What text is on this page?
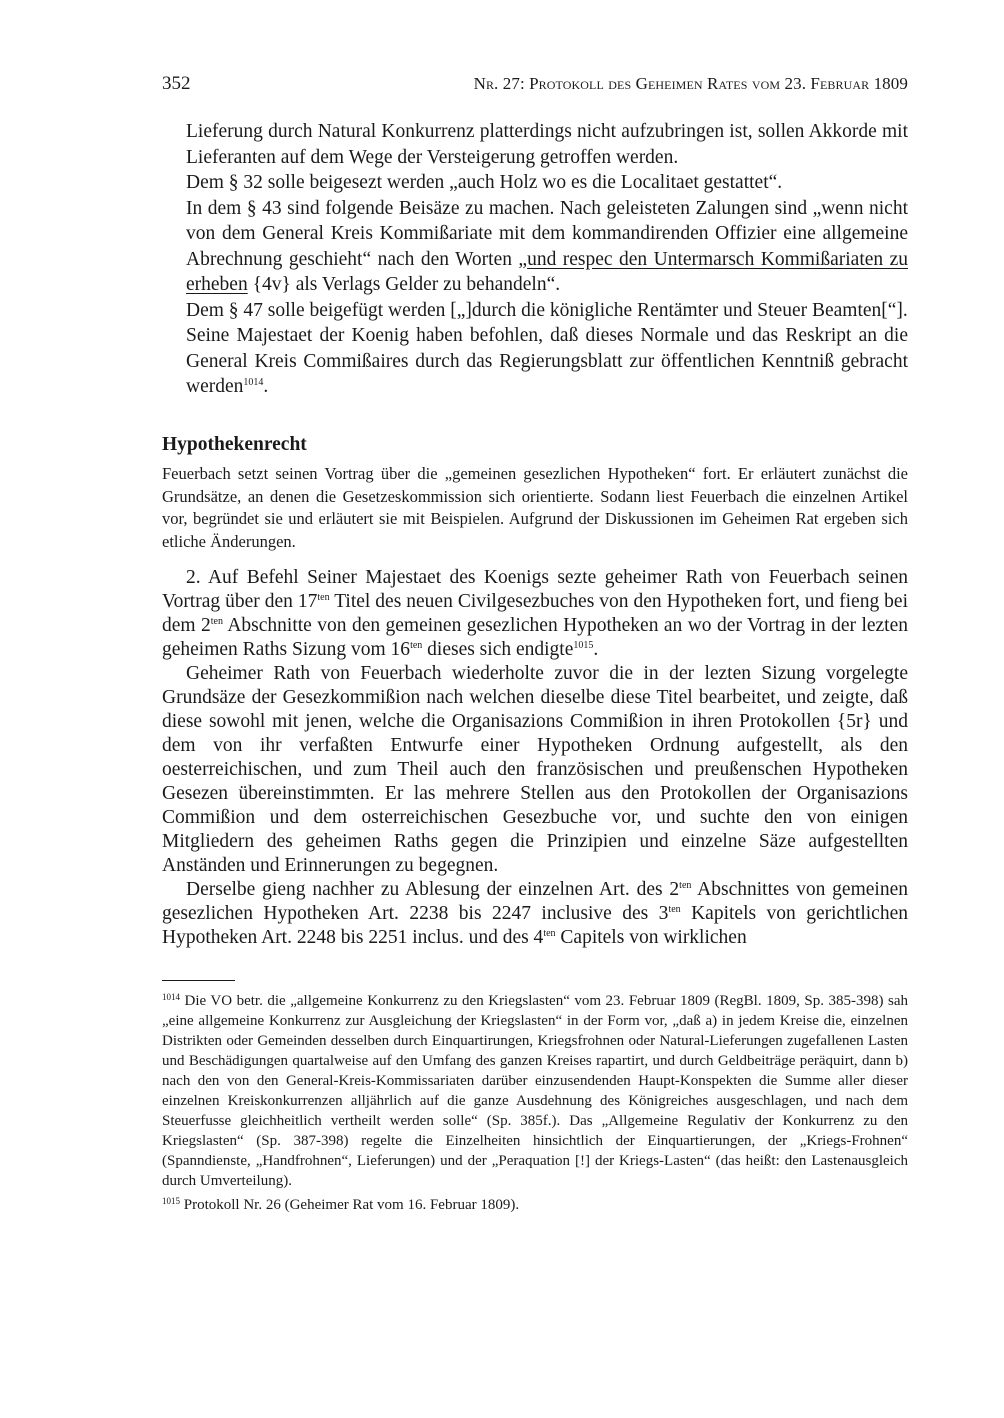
352	Nr. 27: Protokoll des Geheimen Rates vom 23. Februar 1809

Lieferung durch Natural Konkurrenz platterdings nicht aufzubringen ist, sollen Akkorde mit Lieferanten auf dem Wege der Versteigerung getroffen werden.

Dem § 32 solle beigesezt werden „auch Holz wo es die Localitaet gestattet“.

In dem § 43 sind folgende Beisäze zu machen. Nach geleisteten Zalungen sind „wenn nicht von dem General Kreis Kommißariate mit dem kommandirenden Offizier eine allgemeine Abrechnung geschieht“ nach den Worten „und respec den Untermarsch Kommißariaten zu erheben {4v} als Verlags Gelder zu behandeln“.

Dem § 47 solle beigefügt werden [„]durch die königliche Rentämter und Steuer Beamten[“].

Seine Majestaet der Koenig haben befohlen, daß dieses Normale und das Reskript an die General Kreis Commißaires durch das Regierungsblatt zur öffentlichen Kenntniß gebracht werden$^{1014}$.

Hypothekenrecht

Feuerbach setzt seinen Vortrag über die „gemeinen gesezlichen Hypotheken“ fort. Er erläutert zunächst die Grundsätze, an denen die Gesetzeskommission sich orientierte. Sodann liest Feuerbach die einzelnen Artikel vor, begründet sie und erläutert sie mit Beispielen. Aufgrund der Diskussionen im Geheimen Rat ergeben sich etliche Änderungen.

2. Auf Befehl Seiner Majestaet des Koenigs sezte geheimer Rath von Feuerbach seinen Vortrag über den $17^{ten}$ Titel des neuen Civilgesezbuches von den Hypotheken fort, und fieng bei dem $2^{ten}$ Abschnitte von den gemeinen gesezlichen Hypotheken an wo der Vortrag in der lezten geheimen Raths Sizung vom $16^{ten}$ dieses sich endigte$^{1015}$.

Geheimer Rath von Feuerbach wiederholte zuvor die in der lezten Sizung vorgelegte Grundsäze der Gesezkommißion nach welchen dieselbe diese Titel bearbeitet, und zeigte, daß diese sowohl mit jenen, welche die Organisazions Commißion in ihren Protokollen {5r} und dem von ihr verfaßten Entwurfe einer Hypotheken Ordnung aufgestellt, als den oesterreichischen, und zum Theil auch den französischen und preußenschen Hypotheken Gesezen übereinstimmten. Er las mehrere Stellen aus den Protokollen der Organisazions Commißion und dem osterreichischen Gesezbuche vor, und suchte den von einigen Mitgliedern des geheimen Raths gegen die Prinzipien und einzelne Säze aufgestellten Anständen und Erinnerungen zu begegnen.

Derselbe gieng nachher zu Ablesung der einzelnen Art. des $2^{ten}$ Abschnittes von gemeinen gesezlichen Hypotheken Art. 2238 bis 2247 inclusive des $3^{ten}$ Kapitels von gerichtlichen Hypotheken Art. 2248 bis 2251 inclus. und des $4^{ten}$ Capitels von wirklichen

$^{1014}$ Die VO betr. die „allgemeine Konkurrenz zu den Kriegslasten“ vom 23. Februar 1809 (RegBl. 1809, Sp. 385-398) sah „eine allgemeine Konkurrenz zur Ausgleichung der Kriegslasten“ in der Form vor, „daß a) in jedem Kreise die, einzelnen Distrikten oder Gemeinden desselben durch Einquartirungen, Kriegsfrohnen oder Natural-Lieferungen zugefallenen Lasten und Beschädigungen quartalweise auf den Umfang des ganzen Kreises rapartirt, und durch Geldbeiträge peräquirt, dann b) nach den von den General-Kreis-Kommissariaten darüber einzusendenden Haupt-Konspekten die Summe aller dieser einzelnen Kreiskonkurrenzen alljährlich auf die ganze Ausdehnung des Königreiches ausgeschlagen, und nach dem Steuerfusse gleichheitlich vertheilt werden solle“ (Sp. 385f.). Das „Allgemeine Regulativ der Konkurrenz zu den Kriegslasten“ (Sp. 387-398) regelte die Einzelheiten hinsichtlich der Einquartierungen, der „Kriegs-Frohnen“ (Spanndienste, „Handfrohnen“, Lieferungen) und der „Peraquation [!] der Kriegs-Lasten“ (das heißt: den Lastenausgleich durch Umverteilung).

$^{1015}$ Protokoll Nr. 26 (Geheimer Rat vom 16. Februar 1809).
